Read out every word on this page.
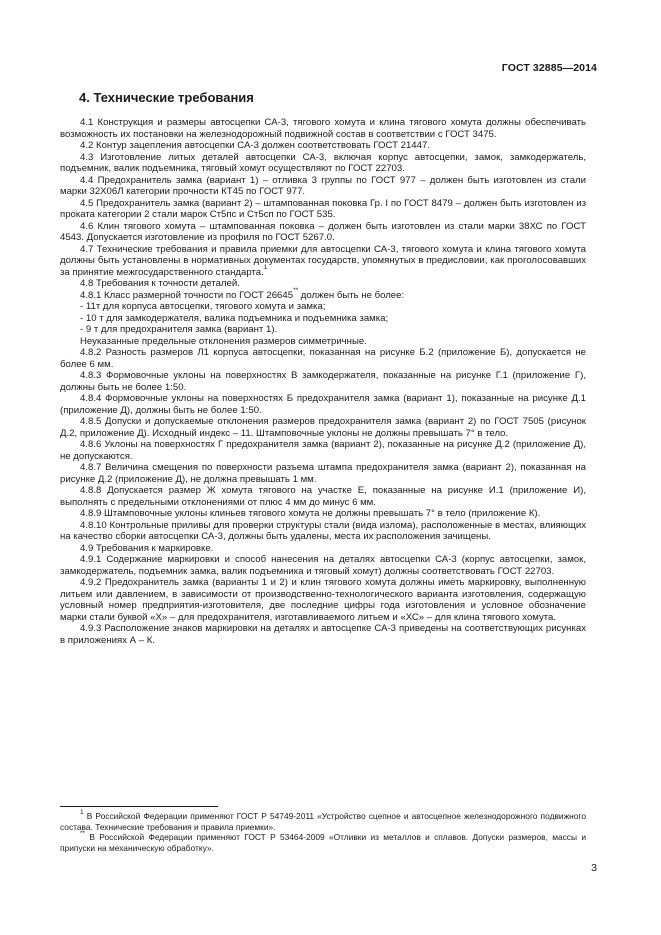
ГОСТ 32885—2014
4. Технические требования

4.1 Конструкция и размеры автосцепки СА-3, тягового хомута и клина тягового хомута должны обеспечивать возможность их постановки на железнодорожный подвижной состав в соответствии с ГОСТ 3475.

4.2 Контур зацепления автосцепки СА-3 должен соответствовать ГОСТ 21447.

4.3 Изготовление литых деталей автосцепки СА-3, включая корпус автосцепки, замок, замкодержатель, подъемник, валик подъемника, тяговый хомут осуществляют по ГОСТ 22703.

4.4 Предохранитель замка (вариант 1) – отливка 3 группы по ГОСТ 977 – должен быть изготовлен из стали марки 32Х06Л категории прочности КТ45 по ГОСТ 977.

4.5 Предохранитель замка (вариант 2) – штампованная поковка Гр. I по ГОСТ 8479 – должен быть изготовлен из проката категории 2 стали марок Ст5пс и Ст5сп по ГОСТ 535.

4.6 Клин тягового хомута – штампованная поковка – должен быть изготовлен из стали марки 38ХС по ГОСТ 4543. Допускается изготовление из профиля по ГОСТ 5267.0.

4.7 Технические требования и правила приемки для автосцепки СА-3, тягового хомута и клина тягового хомута должны быть установлены в нормативных документах государств, упомянутых в предисловии, как проголосовавших за принятие межгосударственного стандарта.$^1$

4.8 Требования к точности деталей.

4.8.1 Класс размерной точности по ГОСТ 26645** должен быть не более:

- 11т для корпуса автосцепки, тягового хомута и замка;

- 10 т для замкодержателя, валика подъемника и подъемника замка;

- 9 т для предохранителя замка (вариант 1).

Неуказанные предельные отклонения размеров симметричные.

4.8.2 Разность размеров Л1 корпуса автосцепки, показанная на рисунке Б.2 (приложение Б), допускается не более 6 мм.

4.8.3 Формовочные уклоны на поверхностях В замкодержателя, показанные на рисунке Г.1 (приложение Г), должны быть не более 1:50.

4.8.4 Формовочные уклоны на поверхностях Б предохранителя замка (вариант 1), показанные на рисунке Д.1 (приложение Д), должны быть не более 1:50.

4.8.5 Допуски и допускаемые отклонения размеров предохранителя замка (вариант 2) по ГОСТ 7505 (рисунок Д.2, приложение Д). Исходный индекс – 11. Штамповочные уклоны не должны превышать 7° в тело.

4.8.6 Уклоны на поверхностях Г предохранителя замка (вариант 2), показанные на рисунке Д.2 (приложение Д), не допускаются.

4.8.7 Величина смещения по поверхности разъема штампа предохранителя замка (вариант 2), показанная на рисунке Д.2 (приложение Д), не должна превышать 1 мм.

4.8.8 Допускается размер Ж хомута тягового на участке Е, показанные на рисунке И.1 (приложение И), выполнять с предельными отклонениями от плюс 4 мм до минус 6 мм.

4.8.9 Штамповочные уклоны клиньев тягового хомута не должны превышать 7° в тело (приложение К).

4.8.10 Контрольные приливы для проверки структуры стали (вида излома), расположенные в местах, влияющих на качество сборки автосцепки СА-3, должны быть удалены, места их расположения зачищены.

4.9 Требования к маркировке.

4.9.1 Содержание маркировки и способ нанесения на деталях автосцепки СА-3 (корпус автосцепки, замок, замкодержатель, подъемник замка, валик подъемника и тяговый хомут) должны соответствовать ГОСТ 22703.

4.9.2 Предохранитель замка (варианты 1 и 2) и клин тягового хомута должны иметь маркировку, выполненную литьем или давлением, в зависимости от производственно-технологического варианта изготовления, содержащую условный номер предприятия-изготовителя, две последние цифры года изготовления и условное обозначение марки стали буквой «Х» – для предохранителя, изготавливаемого литьем и «ХС» – для клина тягового хомута.

4.9.3 Расположение знаков маркировки на деталях и автосцепке СА-3 приведены на соответствующих рисунках в приложениях А – К.

$^1$ В Российской Федерации применяют ГОСТ Р 54749-2011 «Устройство сцепное и автосцепное железнодорожного подвижного состава. Технические требования и правила приемки».

** В Российской Федерации применяют ГОСТ Р 53464-2009 «Отливки из металлов и сплавов. Допуски размеров, массы и припуски на механическую обработку».

3
